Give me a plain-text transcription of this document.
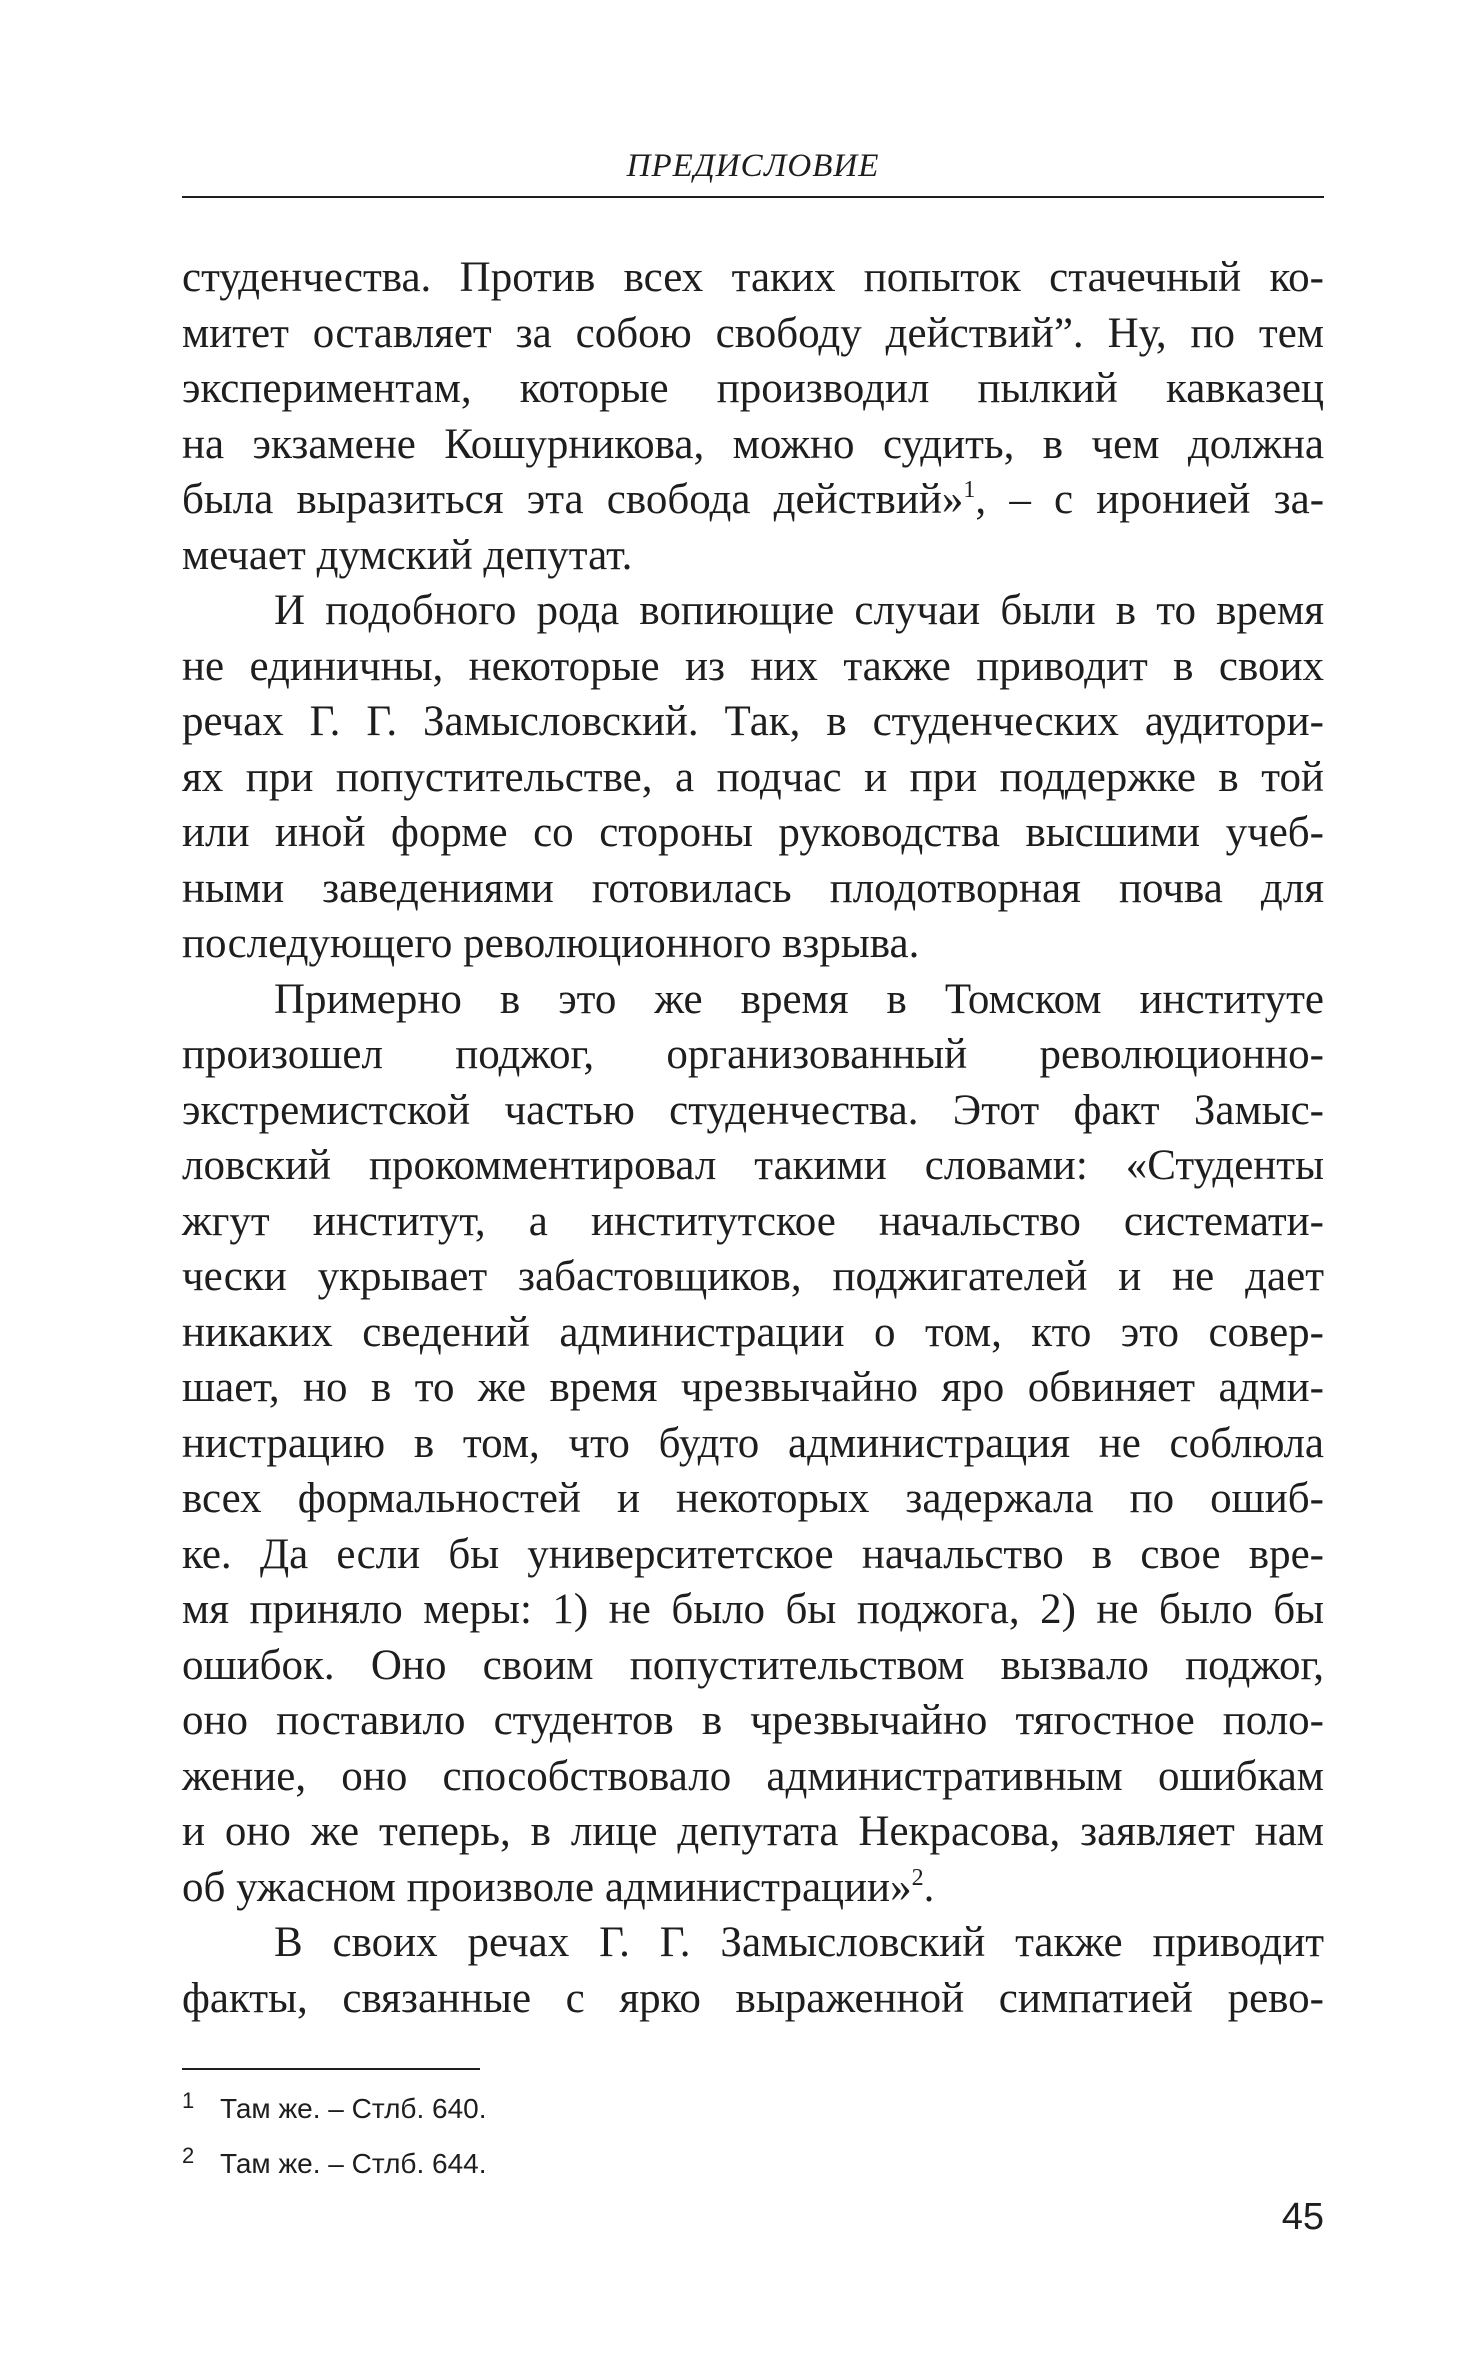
ПРЕДИСЛОВИЕ

студенчества. Против всех таких попыток стачечный ко-
митет оставляет за собою свободу действий”. Ну, по тем
экспериментам, которые производил пылкий кавказец
на экзамене Кошурникова, можно судить, в чем должна
была выразиться эта свобода действий»$^1$, – с иронией за-
мечает думский депутат.

И подобного рода вопиющие случаи были в то время
не единичны, некоторые из них также приводит в своих
речах Г. Г. Замысловский. Так, в студенческих аудитори-
ях при попустительстве, а подчас и при поддержке в той
или иной форме со стороны руководства высшими учеб-
ными заведениями готовилась плодотворная почва для
последующего революционного взрыва.

Примерно в это же время в Томском институте
произошел поджог, организованный революционно-
экстремистской частью студенчества. Этот факт Замыс-
ловский прокомментировал такими словами: «Студенты
жгут институт, а институтское начальство системати-
чески укрывает забастовщиков, поджигателей и не дает
никаких сведений администрации о том, кто это совер-
шает, но в то же время чрезвычайно яро обвиняет адми-
нистрацию в том, что будто администрация не соблюла
всех формальностей и некоторых задержала по ошиб-
ке. Да если бы университетское начальство в свое вре-
мя приняло меры: 1) не было бы поджога, 2) не было бы
ошибок. Оно своим попустительством вызвало поджог,
оно поставило студентов в чрезвычайно тягостное поло-
жение, оно способствовало административным ошибкам
и оно же теперь, в лице депутата Некрасова, заявляет нам
об ужасном произволе администрации»$^2$.

В своих речах Г. Г. Замысловский также приводит
факты, связанные с ярко выраженной симпатией рево-

1 Там же. – Стлб. 640.
2 Там же. – Стлб. 644.
45
